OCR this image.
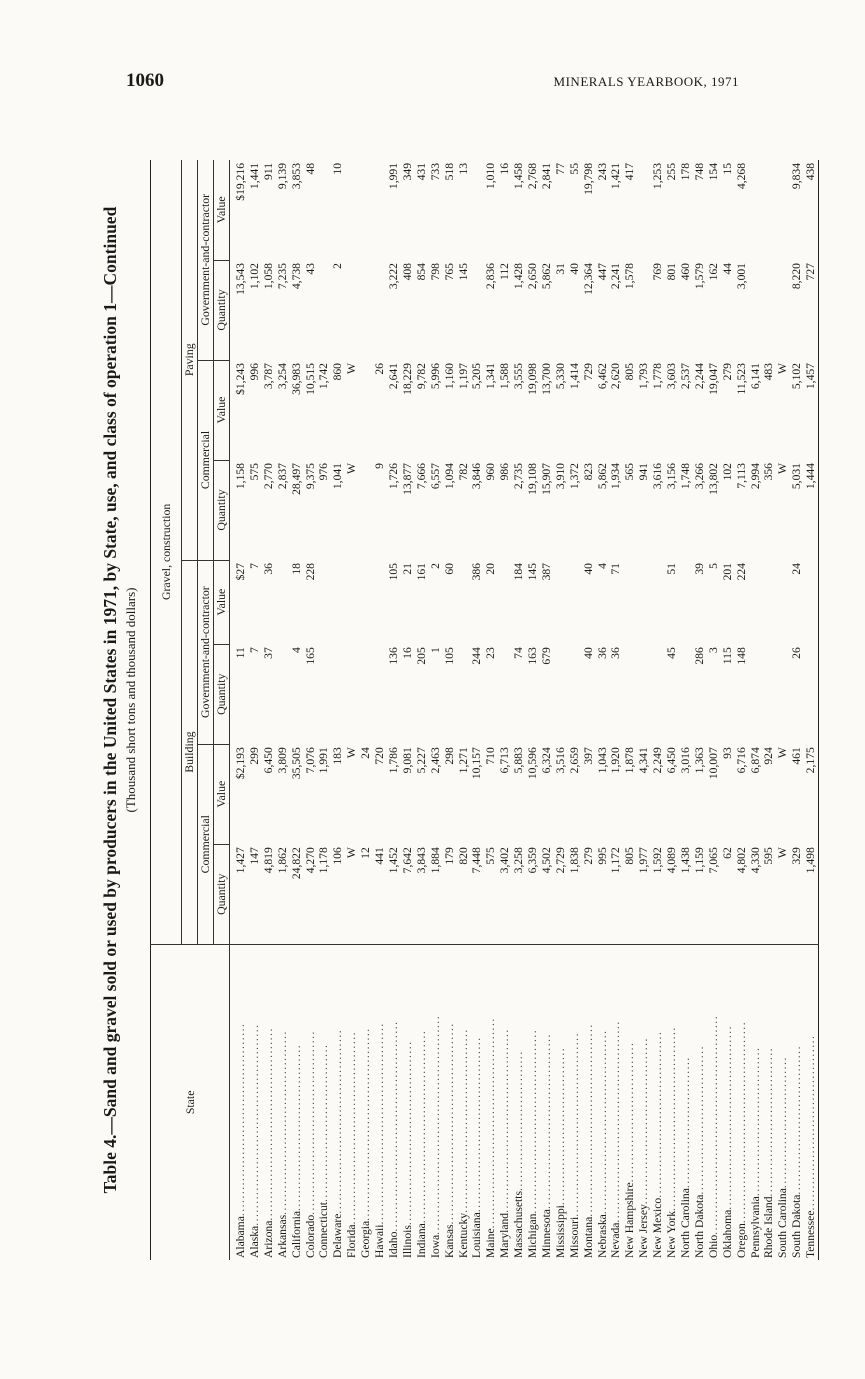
1060	MINERALS YEARBOOK, 1971
Table 4.—Sand and gravel sold or used by producers in the United States in 1971, by State, use, and class of operation 1—Continued (Thousand short tons and thousand dollars)
State	Gravel, construction							
	Building				Paving			
	Commercial		Government-and-contractor		Commercial		Government-and-contractor	
	Quantity	Value	Quantity	Value	Quantity	Value	Quantity	Value
Alabama............................................	1,427	$2,193	11	$27	1,158	$1,243	13,543	$19,216
Alaska..............................................	147	299	7	7	575	996	1,102	1,441
Arizona............................................	4,819	6,450	37	36	2,770	3,787	1,058	911
Arkansas..........................................	1,862	3,809			2,837	3,254	7,235	9,139
California......................................	24,822	35,505	4	18	28,497	36,983	4,738	3,853
Colorado..........................................	4,270	7,076	165	228	9,375	10,515	43	48
Connecticut....................................	1,178	1,991			976	1,742		
Delaware..........................................	106	183			1,041	860	2	10
Florida............................................	W	W			W	W		
Georgia............................................	12	24						
Hawaii..............................................	441	720			9	26		
Idaho................................................	1,452	1,786	136	105	1,726	2,641	3,222	1,991
Illinois..........................................	7,642	9,081	16	21	13,877	18,229	408	349
Indiana............................................	3,843	5,227	205	161	7,666	9,782	854	431
Iowa..................................................	1,884	2,463	1	2	6,557	5,996	798	733
Kansas..............................................	179	298	105	60	1,094	1,160	765	518
Kentucky..........................................	820	1,271			782	1,197	145	13
Louisiana........................................	7,448	10,157	244	386	3,846	5,205		
Maine................................................	575	710	23	20	960	1,341	2,836	1,010
Maryland..........................................	3,402	6,713			986	1,588	112	16
Massachusetts................................	3,258	5,883	74	184	2,735	3,555	1,428	1,458
Michigan..........................................	6,359	10,596	163	145	19,108	19,098	2,650	2,768
Minnesota........................................	4,502	6,324	679	387	15,907	13,700	5,862	2,841
Mississippi....................................	2,729	3,516			3,910	5,330	31	77
Missouri..........................................	1,838	2,659			1,372	1,414	40	55
Montana............................................	279	397	40	40	823	729	12,364	19,798
Nebraska..........................................	995	1,043	36	4	5,862	6,462	447	243
Nevada..............................................	1,172	1,920	36	71	1,934	2,620	2,241	1,421
New Hampshire................................	805	1,878			565	805	1,578	417
New Jersey......................................	1,977	4,341			941	1,793		
New Mexico......................................	1,592	2,249			3,616	1,778	769	1,253
New York..........................................	4,089	6,450	45	51	3,156	3,603	801	255
North Carolina..............................	1,438	3,016			1,748	2,537	460	178
North Dakota..................................	1,159	1,363	286	39	3,266	2,244	1,579	748
Ohio..................................................	7,065	10,007	3	5	13,802	19,047	162	154
Oklahoma..........................................	62	93	115	201	102	279	44	15
Oregon..............................................	4,802	6,716	148	224	7,113	11,523	3,001	4,268
Pennsylvania..................................	4,330	6,874			2,994	6,141		
Rhode Island..................................	595	924			356	483		
South Carolina..............................	W	W			W	W		
South Dakota..................................	329	461	26	24	5,031	5,102	8,220	9,834
Tennessee........................................	1,498	2,175			1,444	1,457	727	438
